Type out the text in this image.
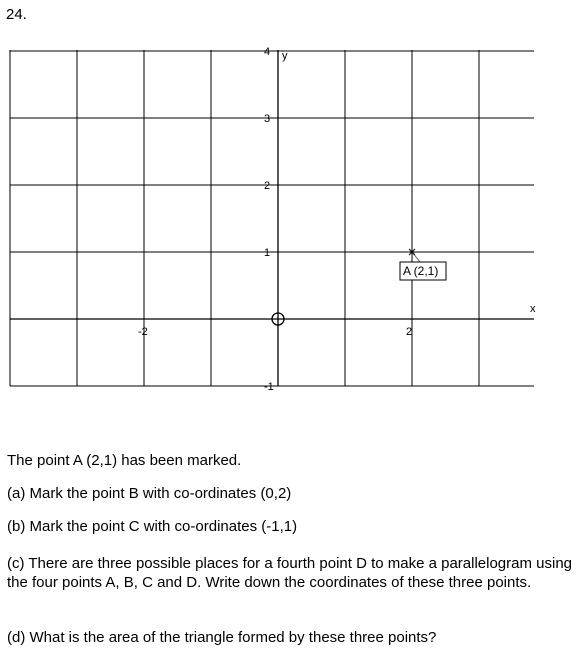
24.
x
y
-2	2
-1
1
2
3
4
A (2,1)
The point A (2,1) has been marked.
(a) Mark the point B with co-ordinates (0,2)
(b) Mark the point C with co-ordinates (-1,1)
(c) There are three possible places for a fourth point D to make a parallelogram using the four points A, B, C and D. Write down the coordinates of these three points.
(d) What is the area of the triangle formed by these three points?
